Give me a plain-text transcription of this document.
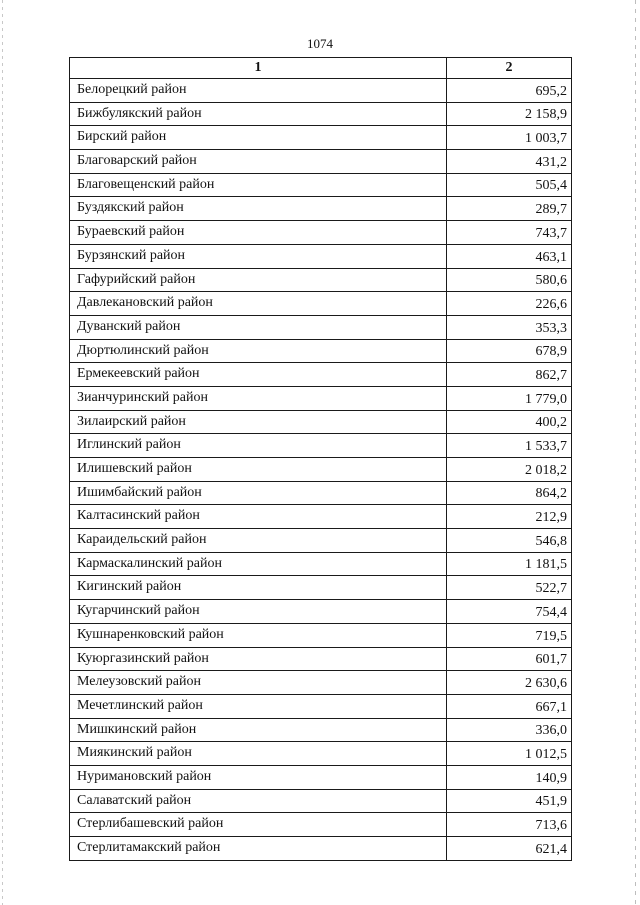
1074
1	2
Белорецкий район	695,2
Бижбулякский район	2 158,9
Бирский район	1 003,7
Благоварский район	431,2
Благовещенский район	505,4
Буздякский район	289,7
Бураевский район	743,7
Бурзянский район	463,1
Гафурийский район	580,6
Давлекановский район	226,6
Дуванский район	353,3
Дюртюлинский район	678,9
Ермекеевский район	862,7
Зианчуринский район	1 779,0
Зилаирский район	400,2
Иглинский район	1 533,7
Илишевский район	2 018,2
Ишимбайский район	864,2
Калтасинский район	212,9
Караидельский район	546,8
Кармаскалинский район	1 181,5
Кигинский район	522,7
Кугарчинский район	754,4
Кушнаренковский район	719,5
Куюргазинский район	601,7
Мелеузовский район	2 630,6
Мечетлинский район	667,1
Мишкинский район	336,0
Миякинский район	1 012,5
Нуримановский район	140,9
Салаватский район	451,9
Стерлибашевский район	713,6
Стерлитамакский район	621,4
